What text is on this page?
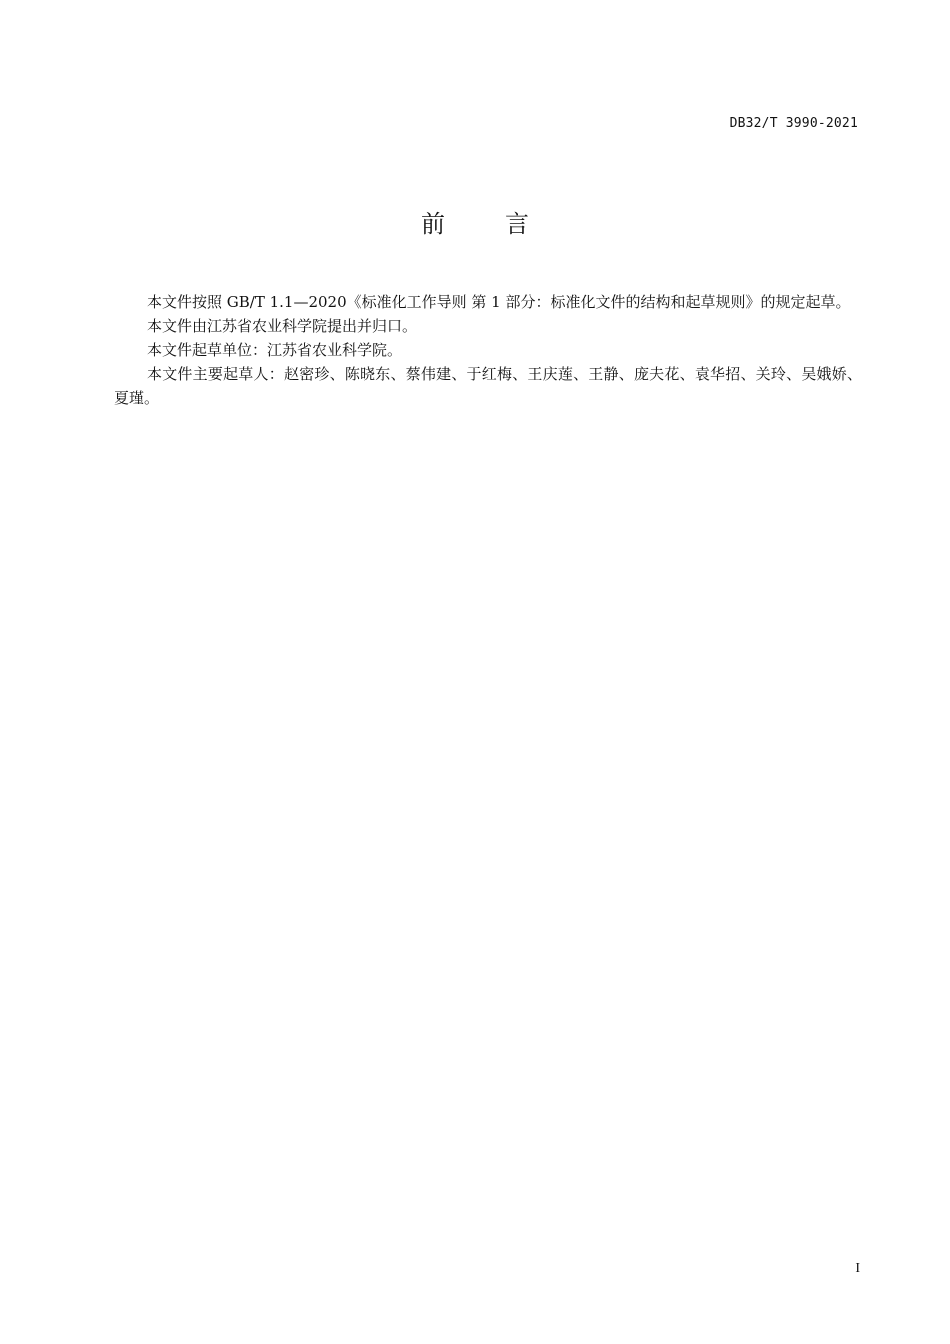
DB32/T 3990-2021
前	言

本文件按照 GB/T 1.1—2020《标准化工作导则 第 1 部分：标准化文件的结构和起草规则》的规定起草。

本文件由江苏省农业科学院提出并归口。

本文件起草单位：江苏省农业科学院。

本文件主要起草人：赵密珍、陈晓东、蔡伟建、于红梅、王庆莲、王静、庞夫花、袁华招、关玲、吴娥娇、夏瑾。

I
